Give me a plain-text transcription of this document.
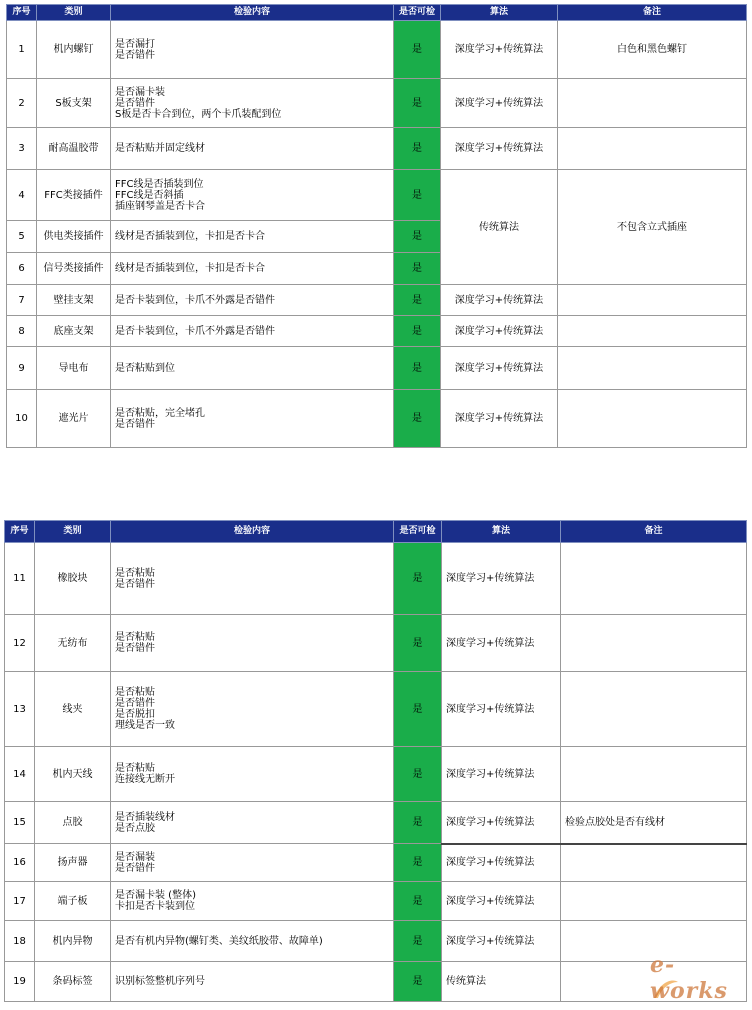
序号	类别	检验内容	是否可检	算法	备注
1	机内螺钉	是否漏打
是否错件	是	深度学习+传统算法	白色和黑色螺钉
2	S板支架	是否漏卡装
是否错件
S板是否卡合到位，两个卡爪装配到位	是	深度学习+传统算法	
3	耐高温胶带	是否粘贴并固定线材	是	深度学习+传统算法	
4	FFC类接插件	FFC线是否插装到位
FFC线是否斜插
插座钢琴盖是否卡合	是	传统算法	不包含立式插座
5	供电类接插件	线材是否插装到位，卡扣是否卡合	是		
6	信号类接插件	线材是否插装到位，卡扣是否卡合	是		
7	壁挂支架	是否卡装到位，卡爪不外露是否错件	是	深度学习+传统算法	
8	底座支架	是否卡装到位，卡爪不外露是否错件	是	深度学习+传统算法	
9	导电布	是否粘贴到位	是	深度学习+传统算法	
10	遮光片	是否粘贴，完全堵孔
是否错件	是	深度学习+传统算法	
序号	类别	检验内容	是否可检	算法	备注
11	橡胶块	是否粘贴
是否错件	是	深度学习+传统算法	
12	无纺布	是否粘贴
是否错件	是	深度学习+传统算法	
13	线夹	是否粘贴
是否错件
是否脱扣
理线是否一致	是	深度学习+传统算法	
14	机内天线	是否粘贴
连接线无断开	是	深度学习+传统算法	
15	点胶	是否插装线材
是否点胶	是	深度学习+传统算法	检验点胶处是否有线材
16	扬声器	是否漏装
是否错件	是	深度学习+传统算法	
17	端子板	是否漏卡装 (整体)
卡扣是否卡装到位	是	深度学习+传统算法	
18	机内异物	是否有机内异物(螺钉类、美纹纸胶带、故障单)	是	深度学习+传统算法	
19	条码标签	识别标签整机序列号	是	传统算法	
e-works
